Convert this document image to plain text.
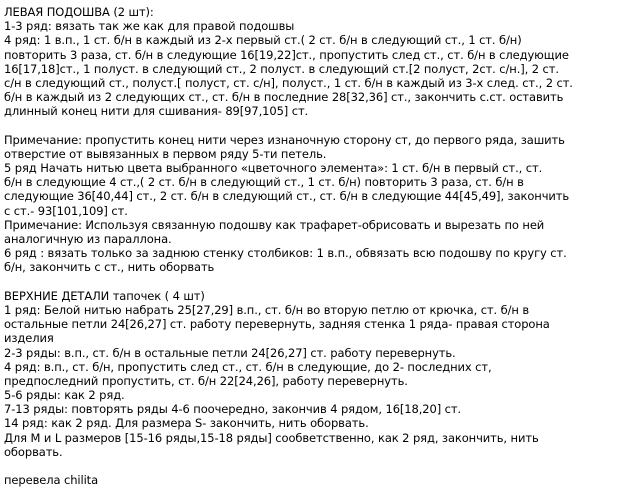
ЛЕВАЯ ПОДОШВА (2 шт):
1-3 ряд: вязать так же как для правой подошвы
4 ряд: 1 в.п., 1 ст. б/н в каждый из 2-х первый ст.( 2 ст. б/н в следующий ст., 1 ст. б/н)
повторить 3 раза, ст. б/н в следующие 16[19,22]ст., пропустить след ст., ст. б/н в следующие
16[17,18]ст., 1 полуст. в следующий ст., 2 полуст. в следующий ст.[2 полуст, 2ст. с/н.], 2 ст.
с/н в следующий ст., полуст.[ полуст, ст. с/н], полуст., 1 ст. б/н в каждый из 3-х след. ст., 2 ст.
б/н в каждый из 2 следующих ст., ст. б/н в последние 28[32,36] ст., закончить с.ст. оставить
длинный конец нити для сшивания- 89[97,105] ст.
Примечание: пропустить конец нити через изнаночную сторону ст, до первого ряда, зашить
отверстие от вывязанных в первом ряду 5-ти петель.
5 ряд Начать нитью цвета выбранного «цветочного элемента»: 1 ст. б/н в первый ст., ст.
б/н в следующие 4 ст.,( 2 ст. б/н в следующий ст., 1 ст. б/н) повторить 3 раза, ст. б/н в
следующие 36[40,44] ст., 2 ст. б/н в следующий ст., ст. б/н в следующие 44[45,49], закончить
с ст.- 93[101,109] ст.
Примечание: Используя связанную подошву как трафарет-обрисовать и вырезать по ней
аналогичную из параллона.
6 ряд : вязать только за заднюю стенку столбиков: 1 в.п., обвязать всю подошву по кругу ст.
б/н, закончить с ст., нить оборвать
ВЕРХНИЕ ДЕТАЛИ тапочек ( 4 шт)
1 ряд: Белой нитью набрать 25[27,29] в.п., ст. б/н во вторую петлю от крючка, ст. б/н в
остальные петли 24[26,27] ст. работу перевернуть, задняя стенка 1 ряда- правая сторона
изделия
2-3 ряды: в.п., ст. б/н в остальные петли 24[26,27] ст. работу перевернуть.
4 ряд: в.п., ст. б/н, пропустить след ст., ст. б/н в следующие, до 2- последних ст,
предпоследний пропустить, ст. б/н 22[24,26], работу перевернуть.
5-6 ряды: как 2 ряд.
7-13 ряды: повторять ряды 4-6 поочередно, закончив 4 рядом, 16[18,20] ст.
14 ряд: как 2 ряд. Для размера S- закончить, нить оборвать.
Для M и L размеров [15-16 ряды,15-18 ряды] сообветственно, как 2 ряд, закончить, нить
оборвать.
перевела chilita
